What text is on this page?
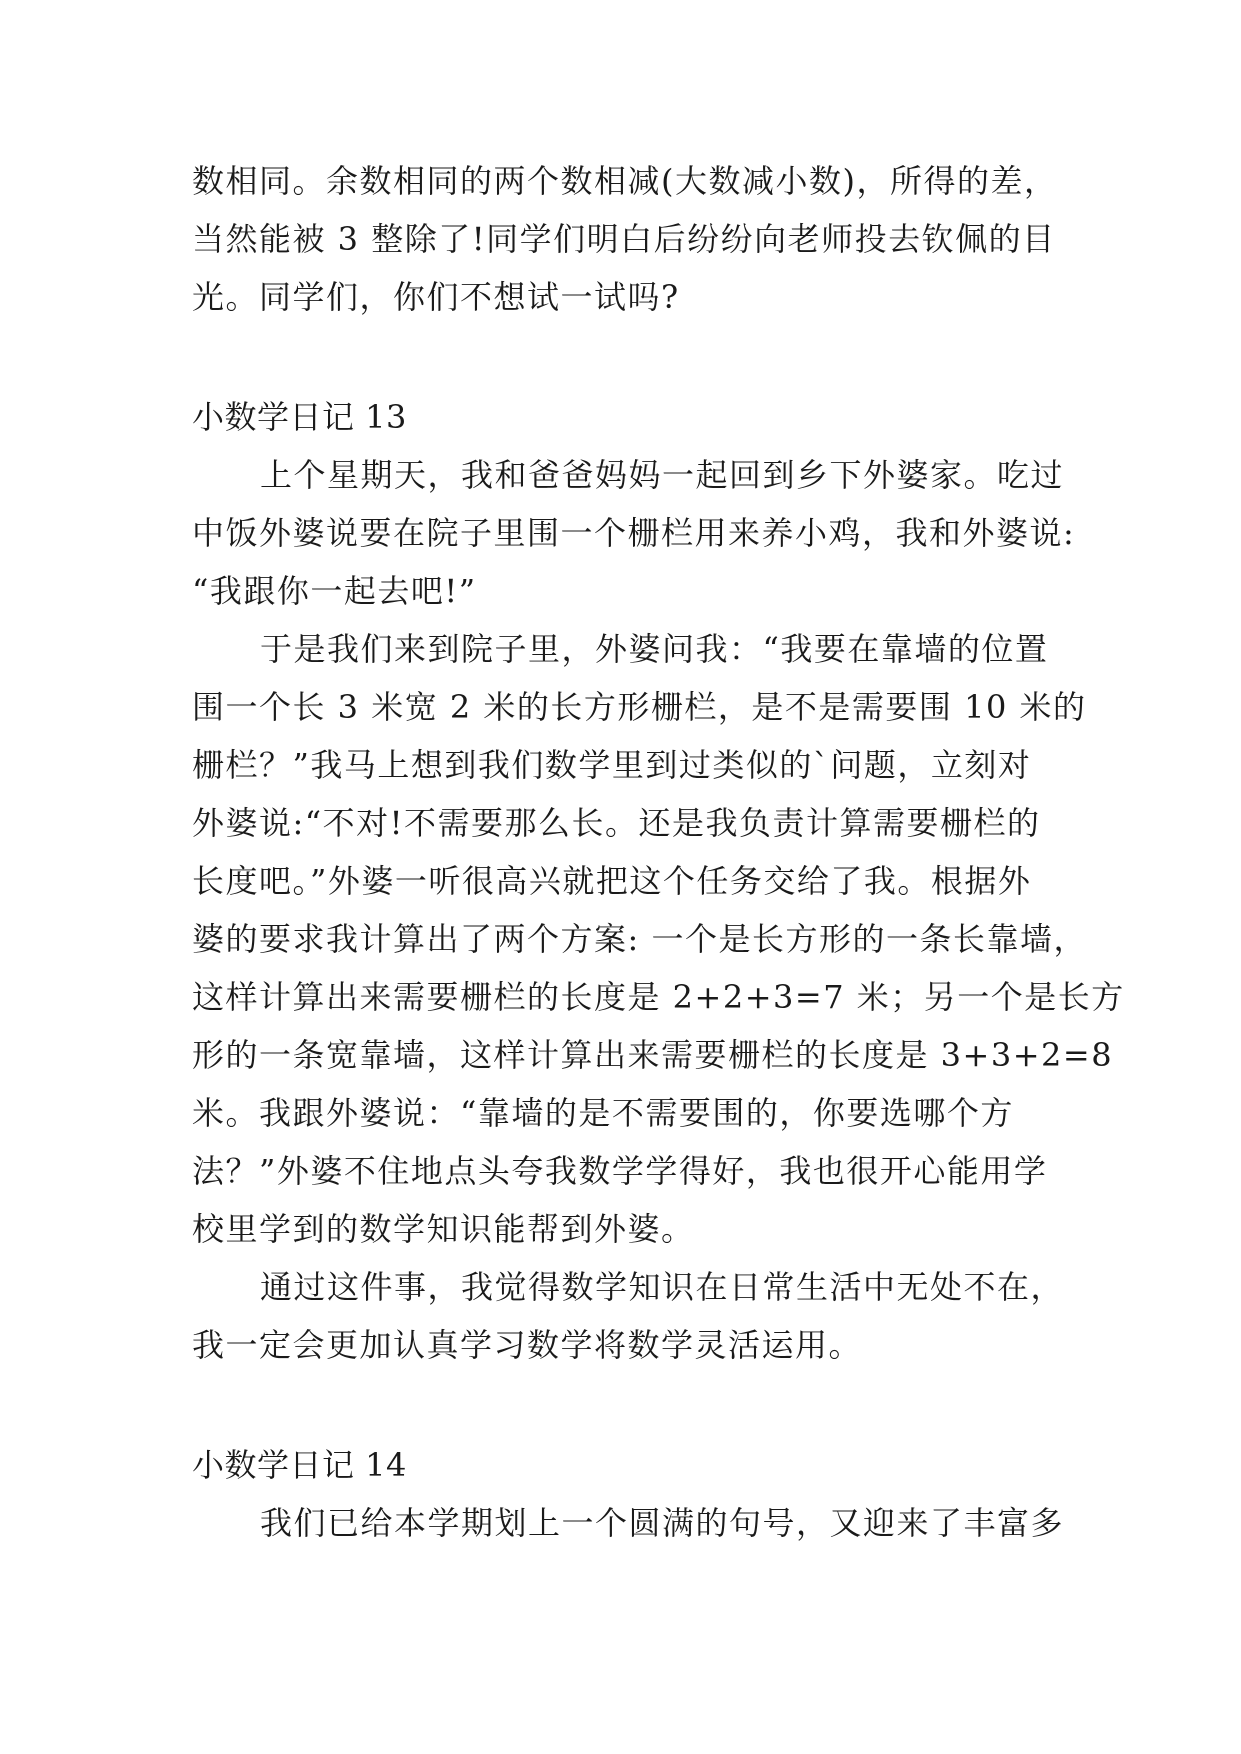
数相同。余数相同的两个数相减(大数减小数)，所得的差，
当然能被 3 整除了!同学们明白后纷纷向老师投去钦佩的目
光。同学们，你们不想试一试吗?
小数学日记 13
上个星期天，我和爸爸妈妈一起回到乡下外婆家。吃过
中饭外婆说要在院子里围一个栅栏用来养小鸡，我和外婆说:
“我跟你一起去吧!”
于是我们来到院子里，外婆问我：“我要在靠墙的位置
围一个长 3 米宽 2 米的长方形栅栏，是不是需要围 10 米的
栅栏？”我马上想到我们数学里到过类似的`问题，立刻对
外婆说:“不对!不需要那么长。还是我负责计算需要栅栏的
长度吧。”外婆一听很高兴就把这个任务交给了我。根据外
婆的要求我计算出了两个方案: 一个是长方形的一条长靠墙，
这样计算出来需要栅栏的长度是 2+2+3=7 米；另一个是长方
形的一条宽靠墙，这样计算出来需要栅栏的长度是 3+3+2=8
米。我跟外婆说：“靠墙的是不需要围的，你要选哪个方
法？”外婆不住地点头夸我数学学得好，我也很开心能用学
校里学到的数学知识能帮到外婆。
通过这件事，我觉得数学知识在日常生活中无处不在，
我一定会更加认真学习数学将数学灵活运用。
小数学日记 14
我们已给本学期划上一个圆满的句号，又迎来了丰富多
